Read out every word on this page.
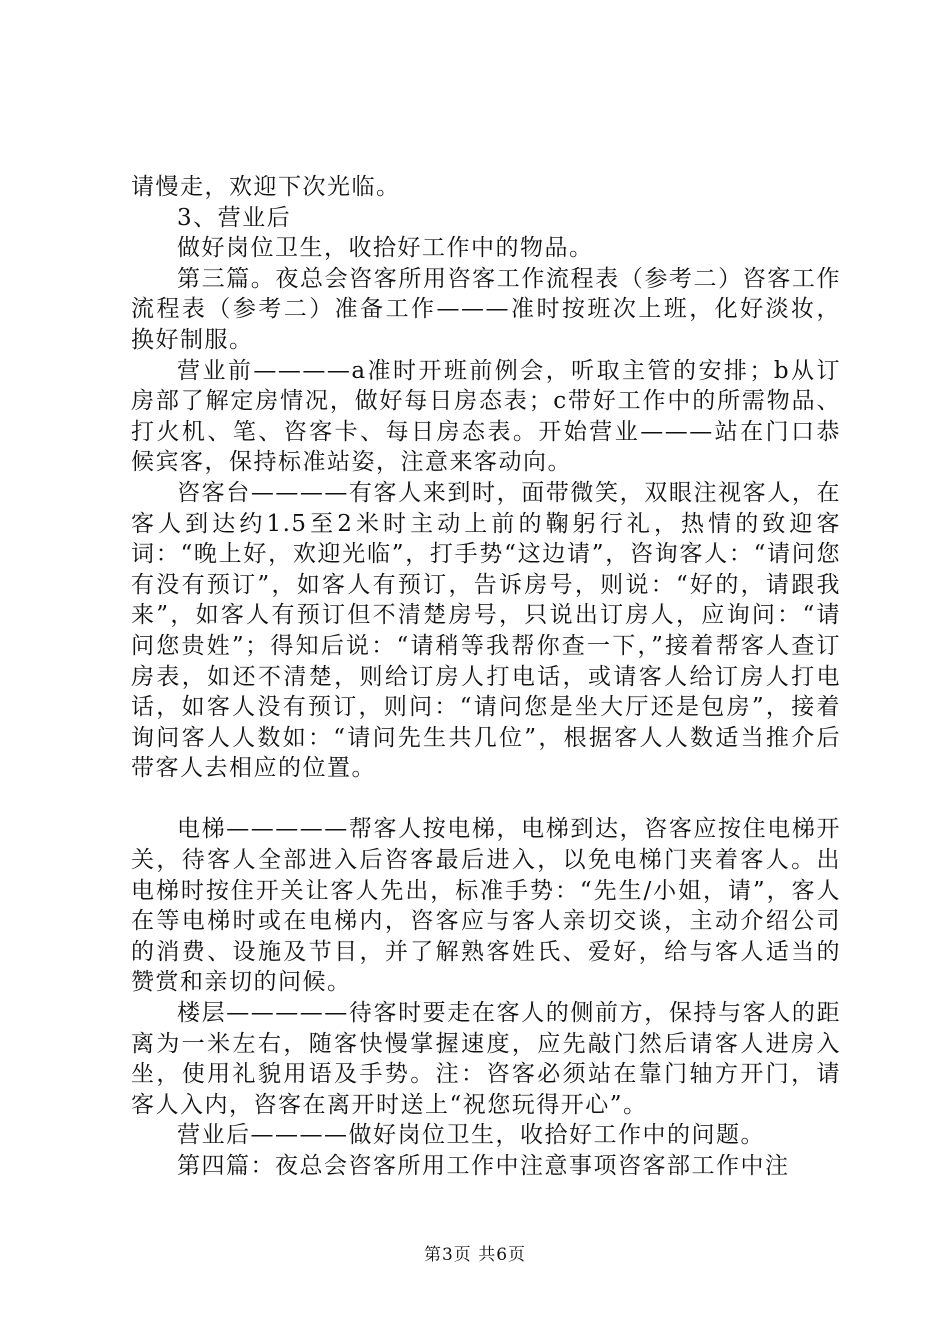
请慢走，欢迎下次光临。

3、营业后

做好岗位卫生，收拾好工作中的物品。

第三篇。夜总会咨客所用咨客工作流程表（参考二）咨客工作流程表（参考二）准备工作———准时按班次上班，化好淡妆，换好制服。

营业前————a准时开班前例会，听取主管的安排；b从订房部了解定房情况，做好每日房态表；c带好工作中的所需物品、打火机、笔、咨客卡、每日房态表。开始营业———站在门口恭候宾客，保持标准站姿，注意来客动向。

咨客台————有客人来到时，面带微笑，双眼注视客人，在客人到达约1.5至2米时主动上前的鞠躬行礼，热情的致迎客词：“晚上好，欢迎光临”，打手势“这边请”，咨询客人：“请问您有没有预订”，如客人有预订，告诉房号，则说：“好的，请跟我来”，如客人有预订但不清楚房号，只说出订房人，应询问：“请问您贵姓”；得知后说：“请稍等我帮你查一下，”接着帮客人查订房表，如还不清楚，则给订房人打电话，或请客人给订房人打电话，如客人没有预订，则问：“请问您是坐大厅还是包房”，接着询问客人人数如：“请问先生共几位”，根据客人人数适当推介后带客人去相应的位置。

电梯—————帮客人按电梯，电梯到达，咨客应按住电梯开关，待客人全部进入后咨客最后进入，以免电梯门夹着客人。出电梯时按住开关让客人先出，标准手势：“先生/小姐，请”，客人在等电梯时或在电梯内，咨客应与客人亲切交谈，主动介绍公司的消费、设施及节目，并了解熟客姓氏、爱好，给与客人适当的赞赏和亲切的问候。

楼层—————待客时要走在客人的侧前方，保持与客人的距离为一米左右，随客快慢掌握速度，应先敲门然后请客人进房入坐，使用礼貌用语及手势。注：咨客必须站在靠门轴方开门，请客人入内，咨客在离开时送上“祝您玩得开心”。

营业后————做好岗位卫生，收拾好工作中的问题。

第四篇：夜总会咨客所用工作中注意事项咨客部工作中注

第3页 共6页
